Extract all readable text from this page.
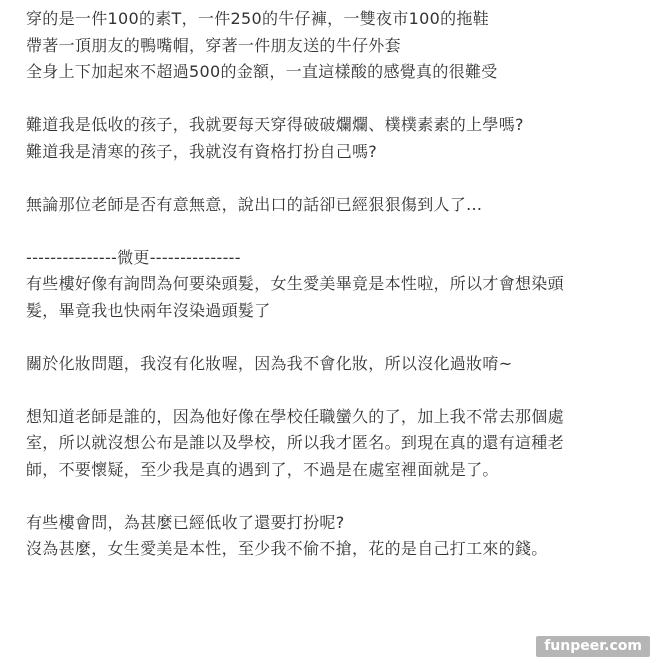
穿的是一件100的素T，一件250的牛仔褲，一雙夜市100的拖鞋
帶著一頂朋友的鴨嘴帽，穿著一件朋友送的牛仔外套
全身上下加起來不超過500的金額，一直這樣酸的感覺真的很難受
難道我是低收的孩子，我就要每天穿得破破爛爛、樸樸素素的上學嗎?
難道我是清寒的孩子，我就沒有資格打扮自己嗎?
無論那位老師是否有意無意，說出口的話卻已經狠狠傷到人了...
---------------微更---------------
有些樓好像有詢問為何要染頭髮，女生愛美畢竟是本性啦，所以才會想染頭
髮，畢竟我也快兩年沒染過頭髮了
關於化妝問題，我沒有化妝喔，因為我不會化妝，所以沒化過妝唷~
想知道老師是誰的，因為他好像在學校任職蠻久的了，加上我不常去那個處
室，所以就沒想公布是誰以及學校，所以我才匿名。到現在真的還有這種老
師，不要懷疑，至少我是真的遇到了，不過是在處室裡面就是了。
有些樓會問，為甚麼已經低收了還要打扮呢?
沒為甚麼，女生愛美是本性，至少我不偷不搶，花的是自己打工來的錢。
funpeer.com
